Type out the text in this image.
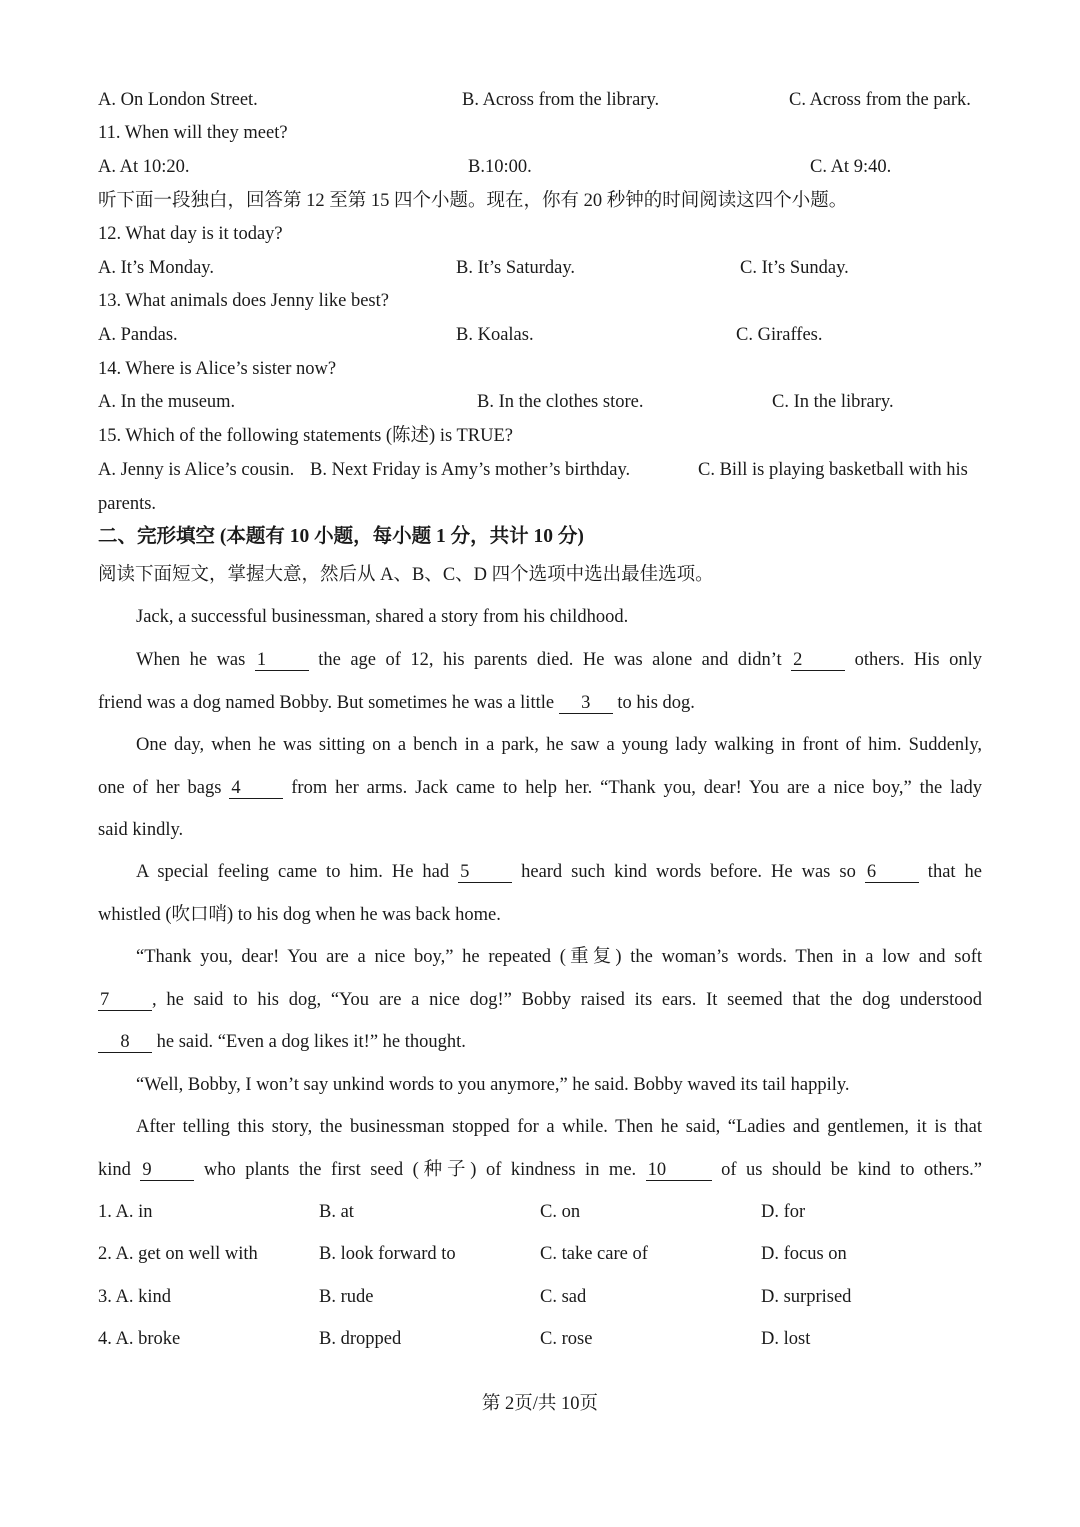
A. On London Street.	B. Across from the library.	C. Across from the park.
11. When will they meet?
A. At 10:20.	B.10:00.	C. At 9:40.
听下面一段独白，回答第 12 至第 15 四个小题。现在，你有 20 秒钟的时间阅读这四个小题。
12. What day is it today?
A. It’s Monday.	B. It’s Saturday.	C. It’s Sunday.
13. What animals does Jenny like best?
A. Pandas.	B. Koalas.	C. Giraffes.
14. Where is Alice’s sister now?
A. In the museum.	B. In the clothes store.	C. In the library.
15. Which of the following statements (陈述) is TRUE?
A. Jenny is Alice’s cousin. B. Next Friday is Amy’s mother’s birthday.	C. Bill is playing basketball with his
parents.
二、完形填空 (本题有 10 小题，每小题 1 分，共计 10 分)
阅读下面短文，掌握大意，然后从 A、B、C、D 四个选项中选出最佳选项。
Jack, a successful businessman, shared a story from his childhood.
When he was 1 the age of 12, his parents died. He was alone and didn’t 2 others. His only
friend was a dog named Bobby. But sometimes he was a little 3 to his dog.
One day, when he was sitting on a bench in a park, he saw a young lady walking in front of him. Suddenly,
one of her bags 4 from her arms. Jack came to help her. “Thank you, dear! You are a nice boy,” the lady
said kindly.
A special feeling came to him. He had 5 heard such kind words before. He was so 6 that he
whistled (吹口哨) to his dog when he was back home.
“Thank you, dear! You are a nice boy,” he repeated (重复) the woman’s words. Then in a low and soft
7 , he said to his dog, “You are a nice dog!” Bobby raised its ears. It seemed that the dog understood
8 he said. “Even a dog likes it!” he thought.
“Well, Bobby, I won’t say unkind words to you anymore,” he said. Bobby waved its tail happily.
After telling this story, the businessman stopped for a while. Then he said, “Ladies and gentlemen, it is that
kind 9 who plants the first seed (种子) of kindness in me. 10 of us should be kind to others.”
1. A. in	B. at	C. on	D. for
2. A. get on well with	B. look forward to	C. take care of	D. focus on
3. A. kind	B. rude	C. sad	D. surprised
4. A. broke	B. dropped	C. rose	D. lost
第 2页/共 10页
